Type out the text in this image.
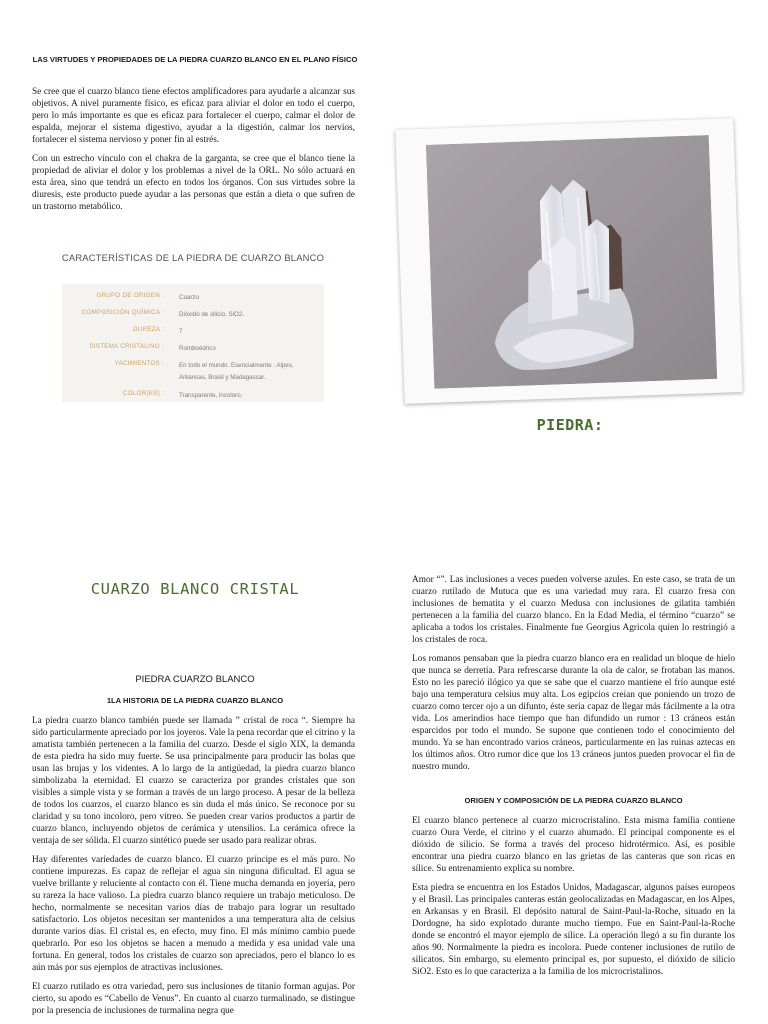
LAS VIRTUDES Y PROPIEDADES DE LA PIEDRA CUARZO BLANCO EN EL PLANO FÍSICO

Se cree que el cuarzo blanco tiene efectos amplificadores para ayudarle a alcanzar sus objetivos. A nivel puramente físico, es eficaz para aliviar el dolor en todo el cuerpo, pero lo más importante es que es eficaz para fortalecer el cuerpo, calmar el dolor de espalda, mejorar el sistema digestivo, ayudar a la digestión, calmar los nervios, fortalecer el sistema nervioso y poner fin al estrés.

Con un estrecho vínculo con el chakra de la garganta, se cree que el blanco tiene la propiedad de aliviar el dolor y los problemas a nivel de la ORL. No sólo actuará en esta área, sino que tendrá un efecto en todos los órganos. Con sus virtudes sobre la diuresis, este producto puede ayudar a las personas que están a dieta o que sufren de un trastorno metabólico.

CARACTERÍSTICAS DE LA PIEDRA DE CUARZO BLANCO
GRUPO DE ORIGEN : Cuarzo
COMPOSICIÓN QUÍMICA : Dióxido de silicio, SiO2.
DUREZA : 7
SISTEMA CRISTALINO : Romboédrico
YACIMIENTOS : En todo el mundo. Esencialmente : Alpes, Arkansas, Brasil y Madagascar.
COLOR(ES) : Transparente, incoloro.
PIEDRA:
CUARZO BLANCO CRISTAL
PIEDRA CUARZO BLANCO
1LA HISTORIA DE LA PIEDRA CUARZO BLANCO

La piedra cuarzo blanco también puede ser llamada ” cristal de roca “. Siempre ha sido particularmente apreciado por los joyeros. Vale la pena recordar que el citrino y la amatista también pertenecen a la familia del cuarzo. Desde el siglo XIX, la demanda de esta piedra ha sido muy fuerte. Se usa principalmente para producir las bolas que usan las brujas y los videntes. A lo largo de la antigüedad, la piedra cuarzo blanco simbolizaba la eternidad. El cuarzo se caracteriza por grandes cristales que son visibles a simple vista y se forman a través de un largo proceso. A pesar de la belleza de todos los cuarzos, el cuarzo blanco es sin duda el más único. Se reconoce por su claridad y su tono incoloro, pero vítreo. Se pueden crear varios productos a partir de cuarzo blanco, incluyendo objetos de cerámica y utensilios. La cerámica ofrece la ventaja de ser sólida. El cuarzo sintético puede ser usado para realizar obras.

Hay diferentes variedades de cuarzo blanco. El cuarzo príncipe es el más puro. No contiene impurezas. Es capaz de reflejar el agua sin ninguna dificultad. El agua se vuelve brillante y reluciente al contacto con él. Tiene mucha demanda en joyería, pero su rareza la hace valioso. La piedra cuarzo blanco requiere un trabajo meticuloso. De hecho, normalmente se necesitan varios días de trabajo para lograr un resultado satisfactorio. Los objetos necesitan ser mantenidos a una temperatura alta de celsius durante varios días. El cristal es, en efecto, muy fino. El más mínimo cambio puede quebrarlo. Por eso los objetos se hacen a menudo a medida y esa unidad vale una fortuna. En general, todos los cristales de cuarzo son apreciados, pero el blanco lo es aún más por sus ejemplos de atractivas inclusiones.

El cuarzo rutilado es otra variedad, pero sus inclusiones de titanio forman agujas. Por cierto, su apodo es “Cabello de Venus”. En cuanto al cuarzo turmalinado, se distingue por la presencia de inclusiones de turmalina negra que

Amor “”. Las inclusiones a veces pueden volverse azules. En este caso, se trata de un cuarzo rutilado de Mutuca que es una variedad muy rara. El cuarzo fresa con inclusiones de hematita y el cuarzo Medusa con inclusiones de gilatita también pertenecen a la familia del cuarzo blanco. En la Edad Media, el término “cuarzo” se aplicaba a todos los cristales. Finalmente fue Georgius Agricola quien lo restringió a los cristales de roca.

Los romanos pensaban que la piedra cuarzo blanco era en realidad un bloque de hielo que nunca se derretía. Para refrescarse durante la ola de calor, se frotaban las manos. Esto no les pareció ilógico ya que se sabe que el cuarzo mantiene el frío aunque esté bajo una temperatura celsius muy alta. Los egipcios creían que poniendo un trozo de cuarzo como tercer ojo a un difunto, éste sería capaz de llegar más fácilmente a la otra vida. Los amerindios hace tiempo que han difundido un rumor : 13 cráneos están esparcidos por todo el mundo. Se supone que contienen todo el conocimiento del mundo. Ya se han encontrado varios cráneos, particularmente en las ruinas aztecas en los últimos años. Otro rumor dice que los 13 cráneos juntos pueden provocar el fin de nuestro mundo.

ORIGEN Y COMPOSICIÓN DE LA PIEDRA CUARZO BLANCO

El cuarzo blanco pertenece al cuarzo microcristalino. Esta misma familia contiene cuarzo Oura Verde, el citrino y el cuarzo ahumado. El principal componente es el dióxido de silicio. Se forma a través del proceso hidrotérmico. Así, es posible encontrar una piedra cuarzo blanco en las grietas de las canteras que son ricas en sílice. Su entrenamiento explica su nombre.

Esta piedra se encuentra en los Estados Unidos, Madagascar, algunos países europeos y el Brasil. Las principales canteras están geolocalizadas en Madagascar, en los Alpes, en Arkansas y en Brasil. El depósito natural de Saint-Paul-la-Roche, situado en la Dordogne, ha sido explotado durante mucho tiempo. Fue en Saint-Paul-la-Roche donde se encontró el mayor ejemplo de sílice. La operación llegó a su fin durante los años 90. Normalmente la piedra es incolora. Puede contener inclusiones de rutilo de silicatos. Sin embargo, su elemento principal es, por supuesto, el dióxido de silicio SiO2. Esto es lo que caracteriza a la familia de los microcristalinos.
